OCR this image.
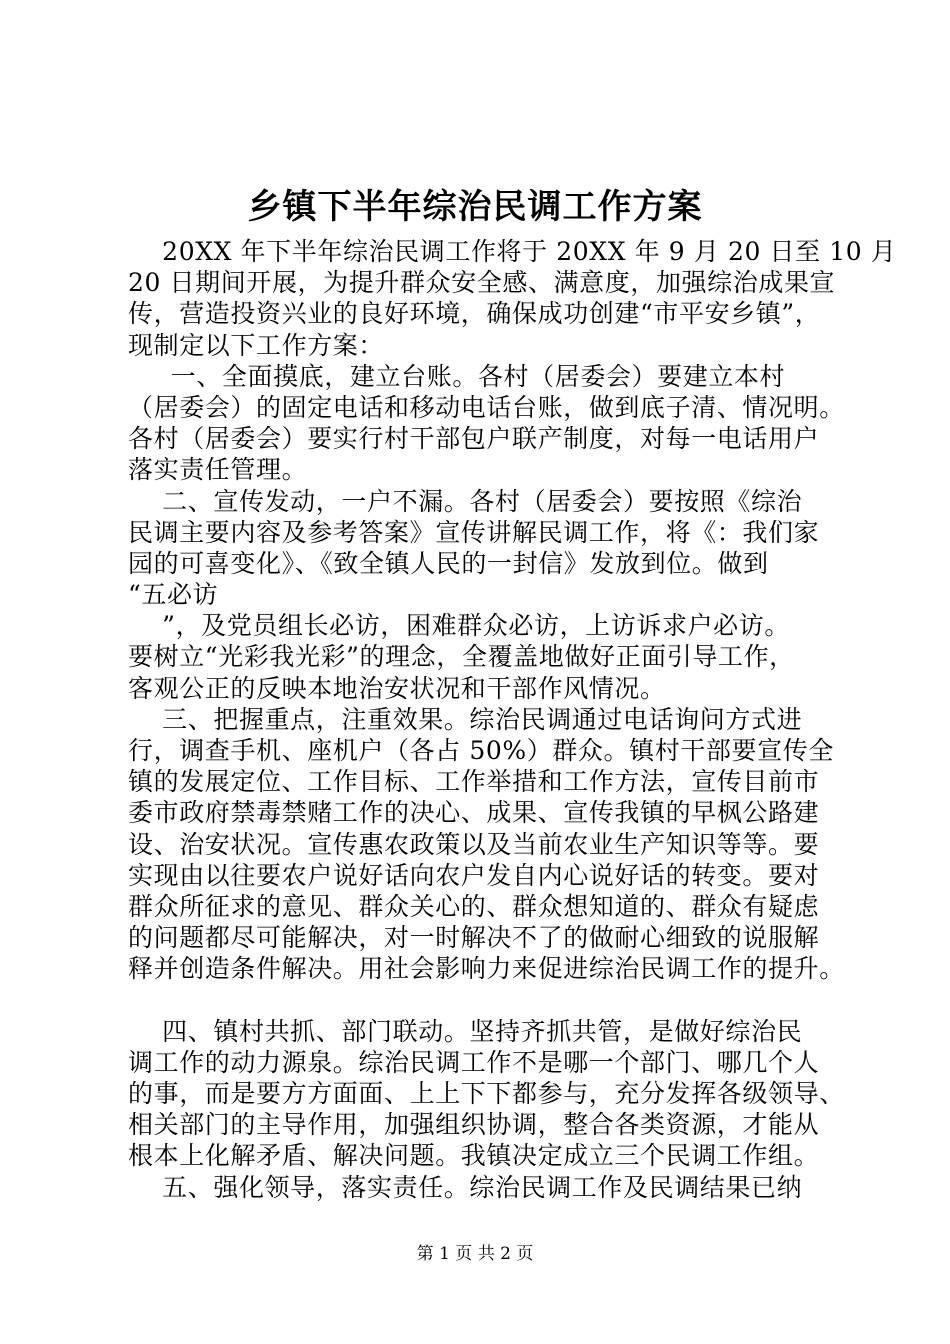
乡镇下半年综治民调工作方案
20XX 年下半年综治民调工作将于 20XX 年 9 月 20 日至 10 月
20 日期间开展，为提升群众安全感、满意度，加强综治成果宣
传，营造投资兴业的良好环境，确保成功创建“市平安乡镇”，
现制定以下工作方案：
一、全面摸底，建立台账。各村（居委会）要建立本村
（居委会）的固定电话和移动电话台账，做到底子清、情况明。
各村（居委会）要实行村干部包户联产制度，对每一电话用户
落实责任管理。
二、宣传发动，一户不漏。各村（居委会）要按照《综治
民调主要内容及参考答案》宣传讲解民调工作，将《：我们家
园的可喜变化》、《致全镇人民的一封信》发放到位。做到
“五必访
”，及党员组长必访，困难群众必访，上访诉求户必访。
要树立“光彩我光彩”的理念，全覆盖地做好正面引导工作，
客观公正的反映本地治安状况和干部作风情况。
三、把握重点，注重效果。综治民调通过电话询问方式进
行，调查手机、座机户（各占 50%）群众。镇村干部要宣传全
镇的发展定位、工作目标、工作举措和工作方法，宣传目前市
委市政府禁毒禁赌工作的决心、成果、宣传我镇的早枫公路建
设、治安状况。宣传惠农政策以及当前农业生产知识等等。要
实现由以往要农户说好话向农户发自内心说好话的转变。要对
群众所征求的意见、群众关心的、群众想知道的、群众有疑虑
的问题都尽可能解决，对一时解决不了的做耐心细致的说服解
释并创造条件解决。用社会影响力来促进综治民调工作的提升。
四、镇村共抓、部门联动。坚持齐抓共管，是做好综治民
调工作的动力源泉。综治民调工作不是哪一个部门、哪几个人
的事，而是要方方面面、上上下下都参与，充分发挥各级领导、
相关部门的主导作用，加强组织协调，整合各类资源，才能从
根本上化解矛盾、解决问题。我镇决定成立三个民调工作组。
五、强化领导，落实责任。综治民调工作及民调结果已纳
第 1 页 共 2 页
